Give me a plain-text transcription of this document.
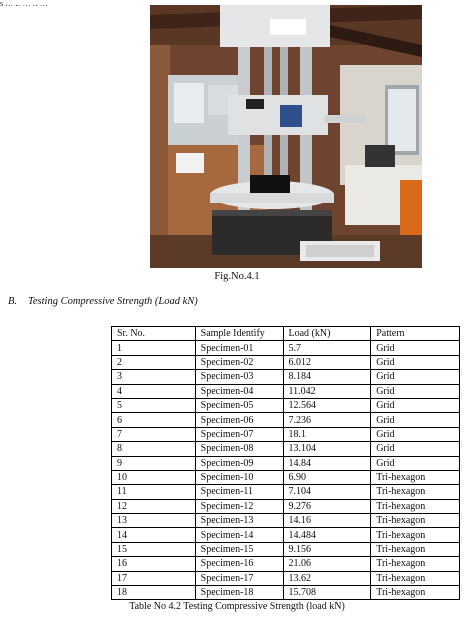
s … ‥ … ‥ …
Fig.No.4.1
B. Testing Compressive Strength (Load kN)
Sr. No.	Sample Identify	Load (kN)	Pattern
1	Specimen-01	5.7	Grid
2	Specimen-02	6.012	Grid
3	Specimen-03	8.184	Grid
4	Specimen-04	11.042	Grid
5	Specimen-05	12.564	Grid
6	Specimen-06	7.236	Grid
7	Specimen-07	18.1	Grid
8	Specimen-08	13.104	Grid
9	Specimen-09	14.84	Grid
10	Specimen-10	6.90	Tri-hexagon
11	Specimen-11	7.104	Tri-hexagon
12	Specimen-12	9.276	Tri-hexagon
13	Specimen-13	14.16	Tri-hexagon
14	Specimen-14	14.484	Tri-hexagon
15	Specimen-15	9.156	Tri-hexagon
16	Specimen-16	21.06	Tri-hexagon
17	Specimen-17	13.62	Tri-hexagon
18	Specimen-18	15.708	Tri-hexagon
Table No 4.2 Testing Compressive Strength (load kN)
